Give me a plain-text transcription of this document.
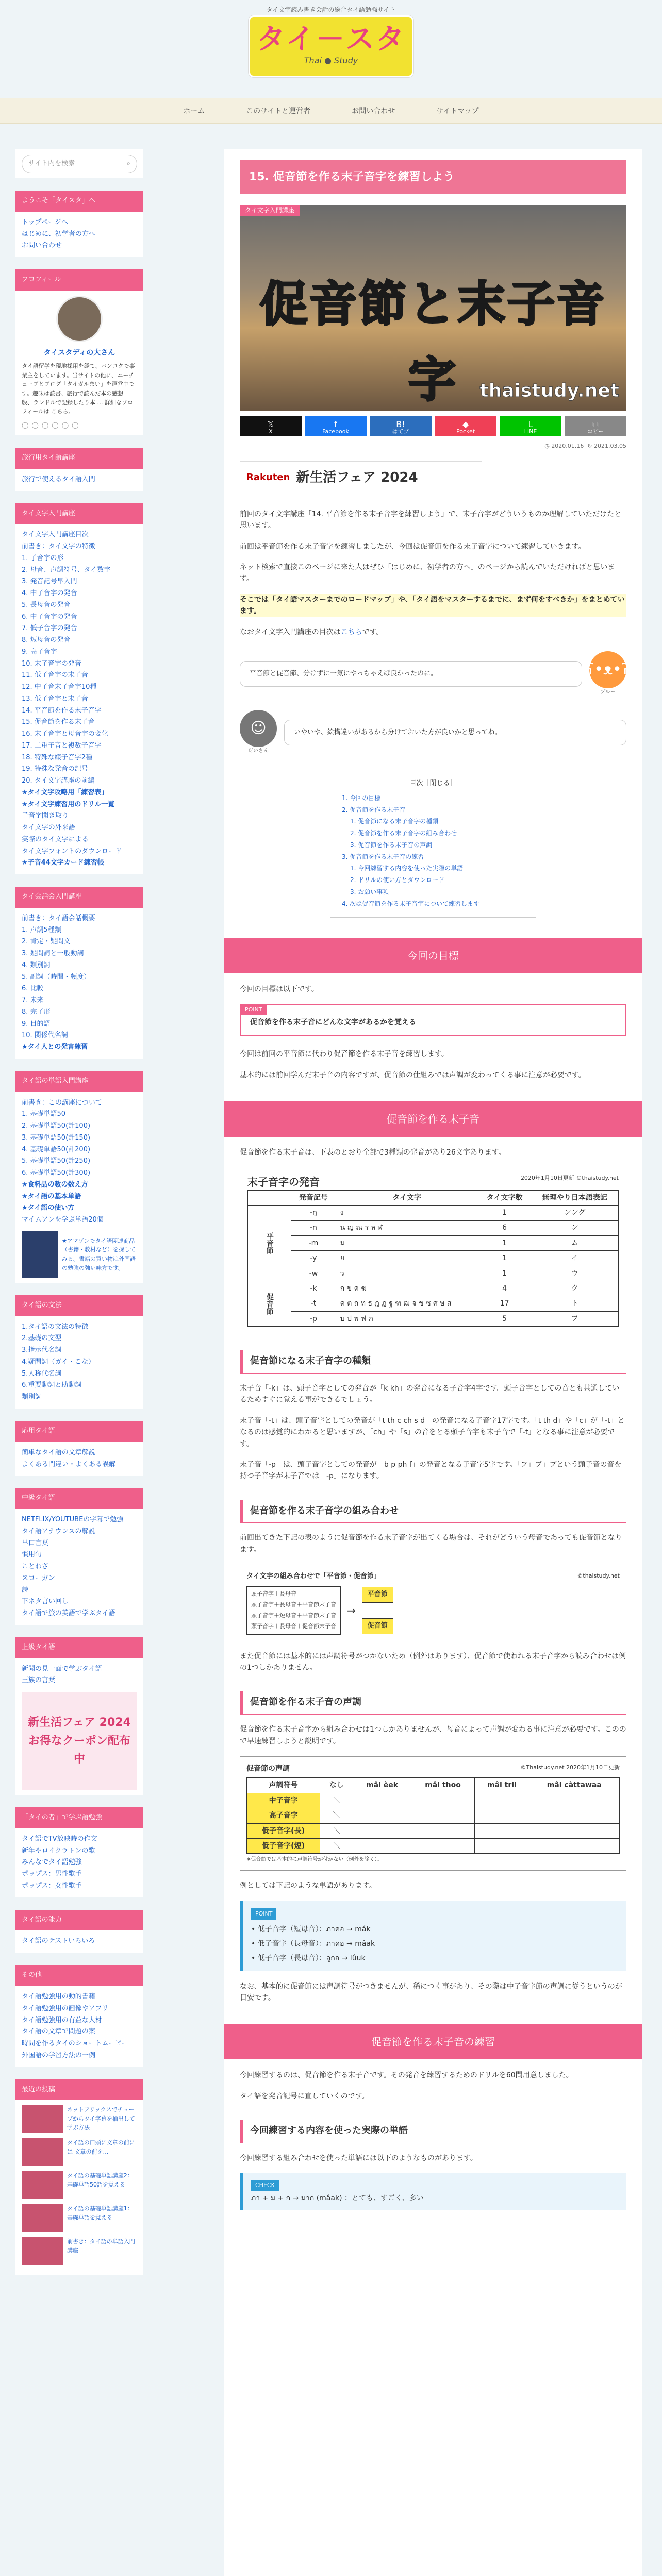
タイ文字読み書き会話の総合タイ語勉強サイト
タイ－スタ
Thai ● Study
ホーム	このサイトと運営者	お問い合わせ	サイトマップ
サイト内を検索	⌕
ようこそ「タイスタ」へ
トップページへ
はじめに、初学者の方へ
お問い合わせ
プロフィール
タイスタディの大さん
タイ語留学を現地採用を経て、バンコクで事業主をしています。当サイトの他に、ユーチューブとブログ「タイガルまい」を運営中です。趣味は読書、旅行で読んだ本の感想一般、ランドルで記録したり本 … 詳細なプロフィールは こちら。
◯◯◯◯◯◯
旅行用タイ語講座
旅行で使えるタイ語入門
タイ文字入門講座
タイ文字入門講座目次
前書き：タイ文字の特徴
1. 子音字の形
2. 母音、声調符号、タイ数字
3. 発音記号早入門
4. 中子音字の発音
5. 長母音の発音
6. 中子音字の発音
7. 低子音字の発音
8. 短母音の発音
9. 高子音字
10. 末子音字の発音
11. 低子音字の末子音
12. 中子音末子音字10種
13. 低子音字と末子音
14. 平音節を作る末子音字
15. 促音節を作る末子音
16. 末子音字と母音字の変化
17. 二重子音と複数子音字
18. 特殊な綴子音字2種
19. 特殊な発音の記号
20. タイ文字講座の前編
★タイ文字攻略用「練習表」
★タイ文字練習用のドリル一覧
子音字聞き取り
タイ文字の外来語
実際のタイ文字による
タイ文字フォントのダウンロード
★子音44文字カード練習帳
タイ会話会入門講座
前書き：タイ語会話概要
1. 声調5種類
2. 肯定・疑問文
3. 疑問詞と一般動詞
4. 類別詞
5. 副詞（時間・頻度）
6. 比較
7. 未来
8. 完了形
9. 目的語
10. 関係代名詞
★タイ人との発言練習
タイ語の単語入門講座
前書き：この講座について
1. 基礎単語50
2. 基礎単語50(計100)
3. 基礎単語50(計150)
4. 基礎単語50(計200)
5. 基礎単語50(計250)
6. 基礎単語50(計300)
★食料品の数の数え方
★タイ語の基本単語
★タイ語の使い方
マイムアンを学ぶ単語20個
★アマゾンでタイ語関連商品（書籍・教材など）を探してみる。書籍の買い物は外国語の勉強の強い味方です。
タイ語の文法
1.タイ語の文法の特徴
2.基礎の文型
3.指示代名詞
4.疑問詞（ガイ・こな）
5.人称代名詞
6.重要動詞と助動詞
類別詞
応用タイ語
簡単なタイ語の文章解説
よくある間違い・よくある誤解
中級タイ語
NETFLIX/YOUTUBEの字幕で勉強
タイ語アナウンスの解説
早口言葉
慣用句
ことわざ
スローガン
詩
下ネタ言い回し
タイ語で旅の英語で学ぶタイ語
上級タイ語
新聞の見一面で学ぶタイ語
王族の言葉
新生活フェア 2024 お得なクーポン配布中
「タイの者」で学ぶ語勉強
タイ語でTV放映時の作文
新年やロイクラトンの歌
みんなでタイ語勉強
ポップス：男性歌手
ポップス：女性歌手
タイ語の能力
タイ語のテストいろいろ
その他
タイ語勉強用の動的書籍
タイ語勉強用の画像やアプリ
タイ語勉強用の有益な人材
タイ語の文章で問題の案
時間を作るタイのショートムービー
外国語の学習方法の一例
最近の投稿
ネットフリックスでチューブからタイ字幕を抽出して学ぶ方法
タイ語の口頭に文章の前には 文章の前を…
タイ語の基礎単語講座2：基礎単語50語を覚える
タイ語の基礎単語講座1：基礎単語を覚える
前書き：タイ語の単語入門講座
15. 促音節を作る末子音字を練習しよう
タイ文字入門講座
促音節と末子音字	thaistudy.net
𝕏 X	f Facebook	B! はてブ	◆ Pocket	L LINE	⧉ コピー
◷ 2020.01.16 ↻ 2021.03.05
Rakuten 新生活フェア 2024

前回のタイ文字講座「14. 平音節を作る末子音字を練習しよう」で、末子音字がどういうものか理解していただけたと思います。

前回は平音節を作る末子音字を練習しましたが、今回は促音節を作る末子音字について練習していきます。

ネット検索で直接このページに来た人はぜひ「はじめに、初学者の方へ」のページから読んでいただければと思います。

そこでは「タイ語マスターまでのロードマップ」や、「タイ語をマスターするまでに、まず何をすべきか」をまとめています。

なおタイ文字入門講座の目次はこちらです。

平音節と促音節、分けずに一気にやっちゃえば良かったのに。	ʕ•ᴥ•ʔ
ブルー
☺
だいさん
いやいや、絵構違いがあるから分けておいた方が良いかと思ってね。
目次［閉じる］
1. 今回の目標
2. 促音節を作る末子音
1. 促音節になる末子音字の種類
2. 促音節を作る末子音字の組み合わせ
3. 促音節を作る末子音の声調
3. 促音節を作る末子音の練習
1. 今回練習する内容を使った実際の単語
2. ドリルの使い方とダウンロード
3. お願い事項
4. 次は促音節を作る末子音字について練習します
今回の目標

今回の目標は以下です。

POINT
促音節を作る末子音にどんな文字があるかを覚える

今回は前回の平音節に代わり促音節を作る末子音を練習します。

基本的には前回学んだ末子音の内容ですが、促音節の仕組みでは声調が変わってくる事に注意が必要です。

促音節を作る末子音

促音節を作る末子音は、下表のとおり全部で3種類の発音があり26文字あります。

末子音字の発音	2020年1月10日更新 ©thaistudy.net
	発音記号	タイ文字	タイ文字数	無理やり日本語表記
平音節	-ŋ	ง	1	ンング
	-n	น ญ ณ ร ล ฬ	6	ン
	-m	ม	1	ム
	-y	ย	1	イ
	-w	ว	1	ウ
促音節	-k	ก ข ค ฆ	4	ク
	-t	ด ต ถ ท ธ ฎ ฏ ฐ ฑ ฒ จ ช ซ ศ ษ ส	17	ト
	-p	บ ป พ ฟ ภ	5	プ
促音節になる末子音字の種類

末子音「-k」は、頭子音字としての発音が「k kh」の発音になる子音字4字です。頭子音字としての音とも共通しているためすぐに覚える事ができるでしょう。

末子音「-t」は、頭子音字としての発音が「t th c ch s d」の発音になる子音字17字です。「t th d」や「c」が「-t」となるのは感覚的にわかると思いますが、「ch」や「s」の音をとる頭子音字も末子音で「-t」となる事に注意が必要です。

末子音「-p」は、頭子音字としての発音が「b p ph f」の発音となる子音字5字です。「フ」プ」ブという頭子音の音を持つ子音字が末子音では「-p」になります。

促音節を作る末子音字の組み合わせ

前回出てきた下記の表のように促音節を作る末子音字が出てくる場合は、それがどういう母音であっても促音節となります。

タイ文字の組み合わせで「平音節・促音節」	©thaistudy.net
頭子音字＋長母音
頭子音字＋長母音＋平音節末子音
頭子音字＋短母音＋平音節末子音
頭子音字＋長母音＋促音節末子音
→
平音節
促音節

また促音節には基本的には声調符号がつかないため（例外はあります）、促音節で使われる末子音字から読み合わせは例の1つしかありません。

促音節を作る末子音の声調

促音節を作る末子音字から組み合わせは1つしかありませんが、母音によって声調が変わる事に注意が必要です。このので早速練習しようと説明です。

促音節の声調	©Thaistudy.net 2020年1月10日更新
声調符号	なし	mâi èek	mâi thoo	mâi trii	mâi càttawaa
中子音字	＼				
高子音字	＼				
低子音字(長)	＼				
低子音字(短)	＼				
※促音節では基本的に声調符号が付かない（例外を除く）。

例としては下記のような単語があります。

POINT
• 低子音字（短母音）：ภาคอ → mák
• 低子音字（長母音）：ภาคอ → mâak
• 低子音字（長母音）：ลูกอ → lûuk

なお、基本的に促音節には声調符号がつきませんが、稀につく事があり、その際は中子音字節の声調に従うというのが目安です。

促音節を作る末子音の練習

今回練習するのは、促音節を作る末子音です。その発音を練習するためのドリルを60問用意しました。

タイ語を発音記号に直していくのです。

今回練習する内容を使った実際の単語

今回練習する組み合わせを使った単語には以下のようなものがあります。

CHECK
ภา + ม + ก → มาก (mâak) ：とても、すごく、多い
